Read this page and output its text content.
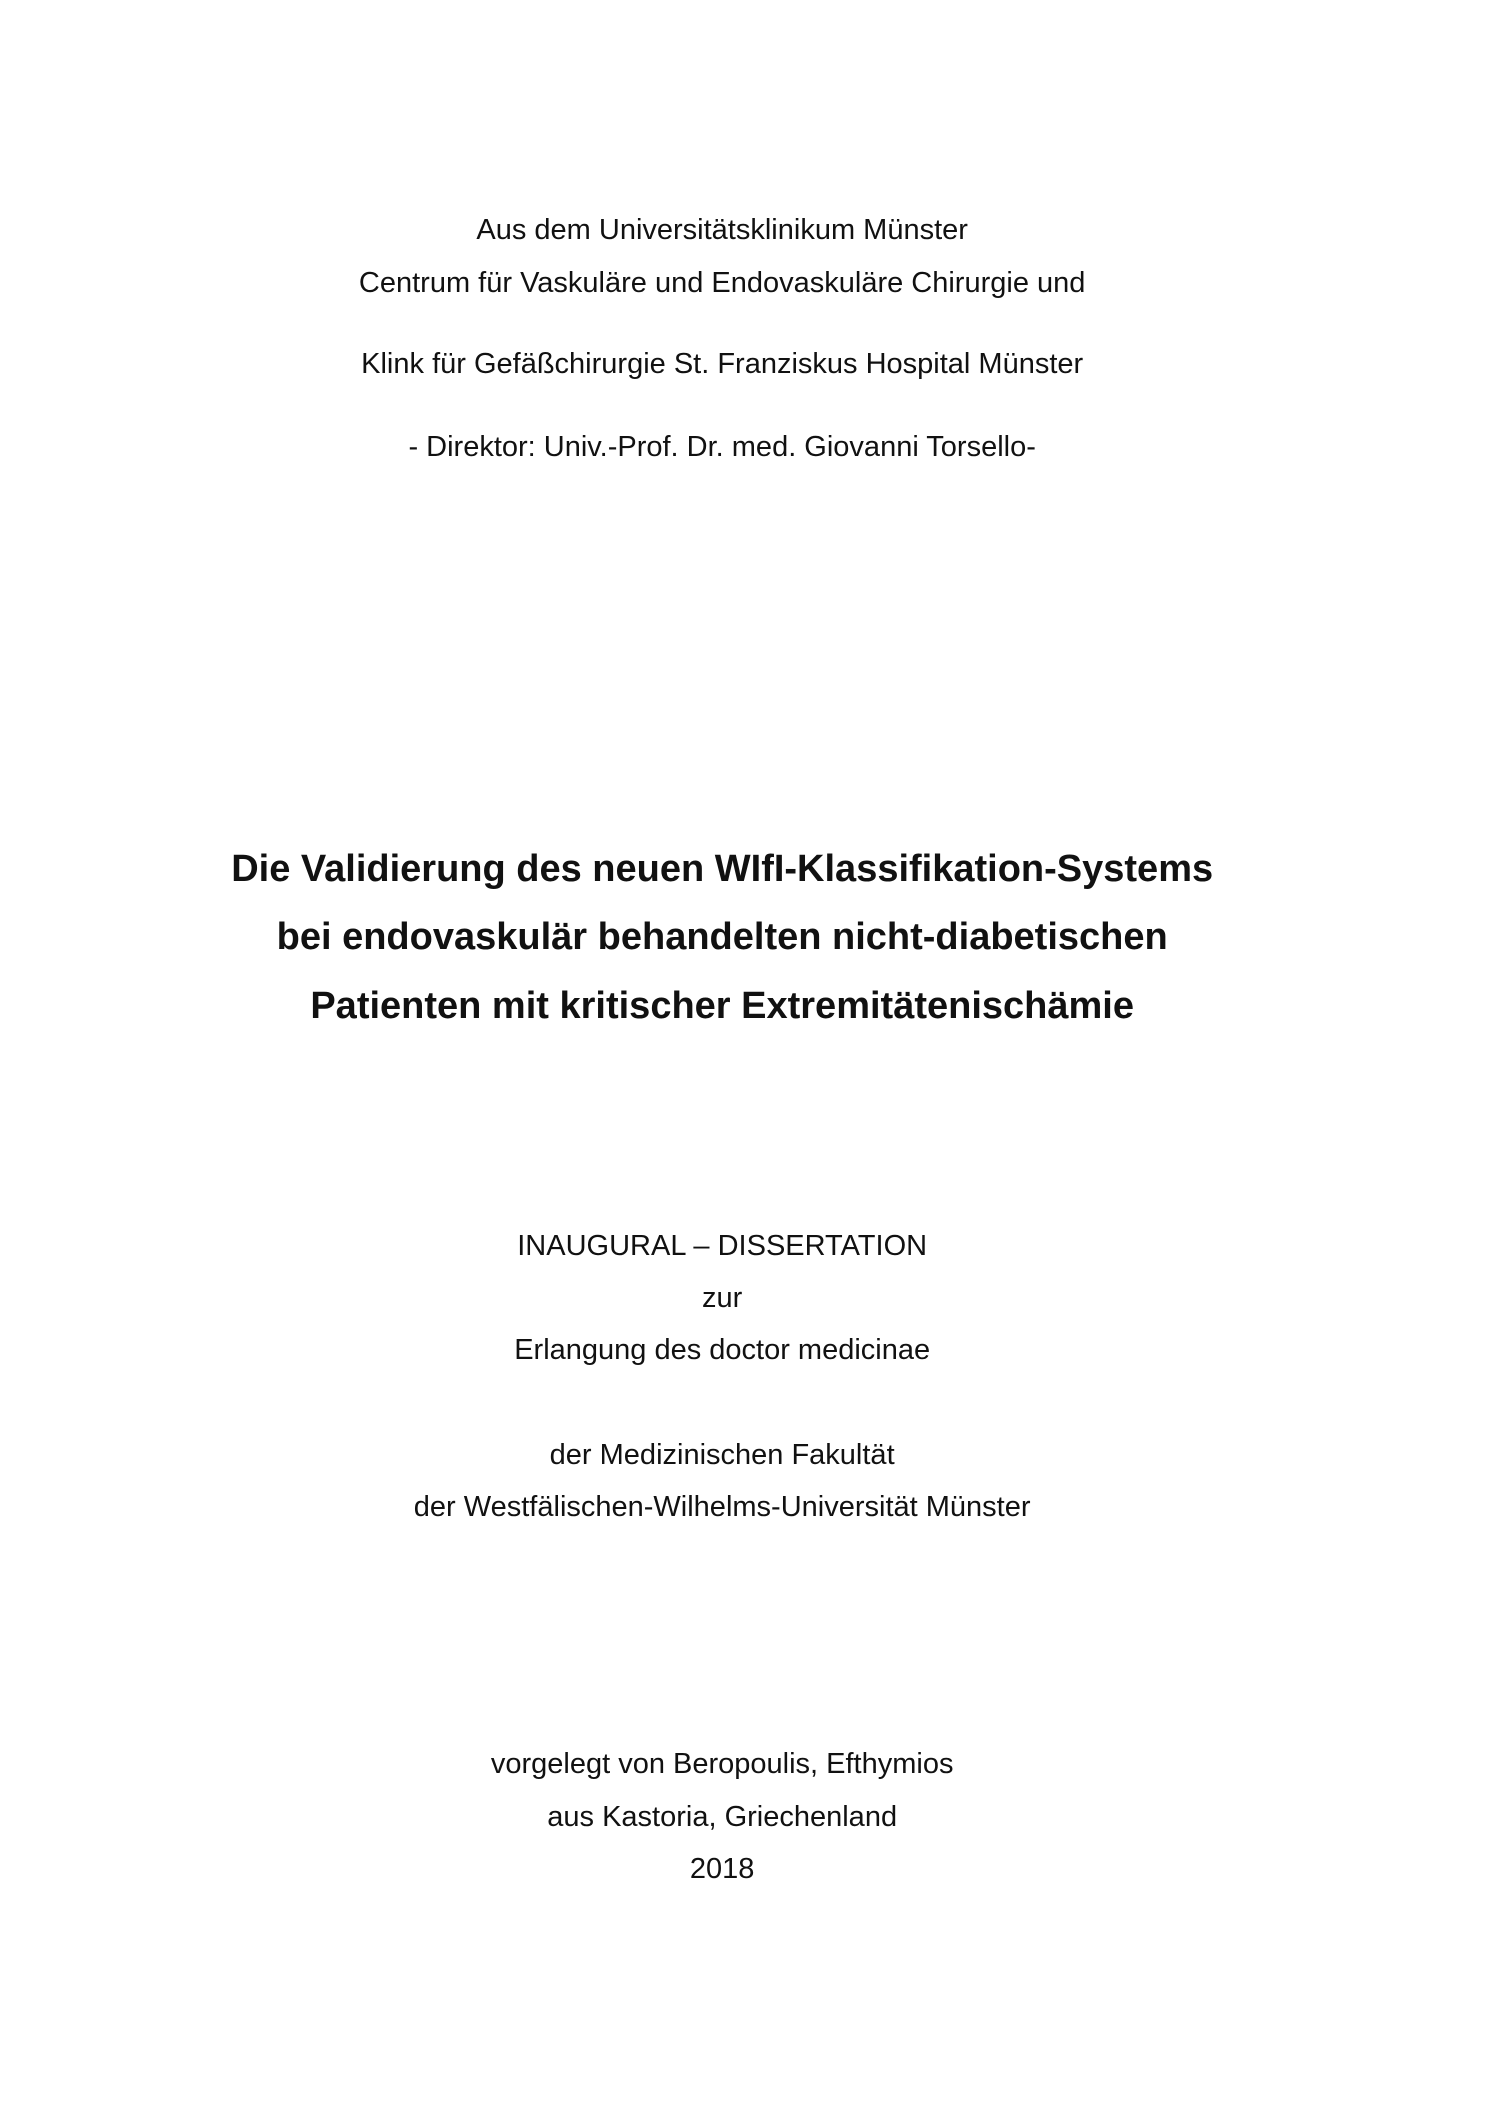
Aus dem Universitätsklinikum Münster
Centrum für Vaskuläre und Endovaskuläre Chirurgie und
Klink für Gefäßchirurgie St. Franziskus Hospital Münster
- Direktor: Univ.-Prof. Dr. med. Giovanni Torsello-
Die Validierung des neuen WIfI-Klassifikation-Systems
bei endovaskulär behandelten nicht-diabetischen
Patienten mit kritischer Extremitätenischämie
INAUGURAL – DISSERTATION
zur
Erlangung des doctor medicinae
der Medizinischen Fakultät
der Westfälischen-Wilhelms-Universität Münster
vorgelegt von Beropoulis, Efthymios
aus Kastoria, Griechenland
2018
